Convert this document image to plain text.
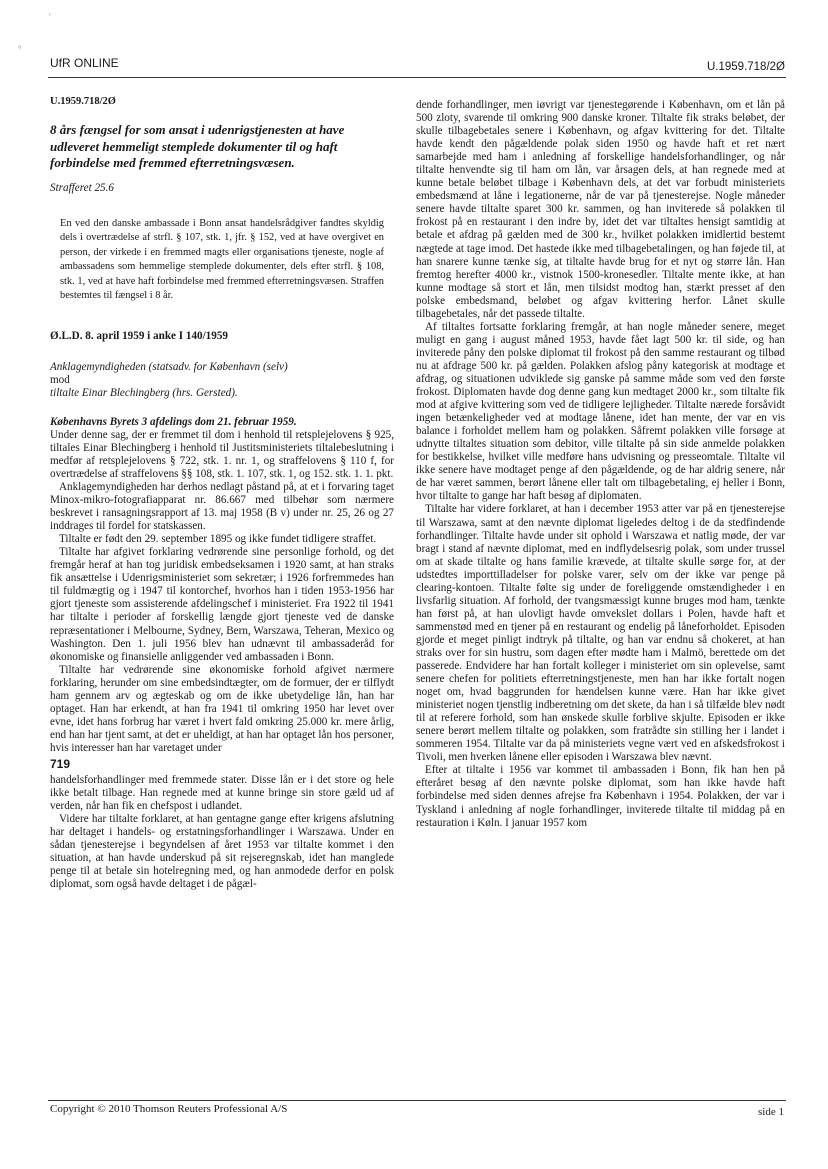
'
°
UfR ONLINE	U.1959.718/2Ø
U.1959.718/2Ø
8 års fængsel for som ansat i udenrigstjenesten at have udleveret hemmeligt stemplede dokumenter til og haft forbindelse med fremmed efterretningsvæsen.
Strafferet 25.6
En ved den danske ambassade i Bonn ansat handelsrådgiver fandtes skyldig dels i overtrædelse af strfl. § 107, stk. 1, jfr. § 152, ved at have overgivet en person, der virkede i en fremmed magts eller organisations tjeneste, nogle af ambassadens som hemmelige stemplede dokumenter, dels efter strfl. § 108, stk. 1, ved at have haft forbindelse med fremmed efterretningsvæsen. Straffen bestemtes til fængsel i 8 år.
Ø.L.D. 8. april 1959 i anke I 140/1959

Anklagemyndigheden (statsadv. for København (selv)

mod

tiltalte Einar Blechingberg (hrs. Gersted).

Københavns Byrets 3 afdelings dom 21. februar 1959.

Under denne sag, der er fremmet til dom i henhold til retsplejelovens § 925, tiltales Einar Blechingberg i henhold til Justitsministeriets tiltalebeslutning i medfør af retsplejelovens § 722, stk. 1. nr. 1, og straffelovens § 110 f, for overtrædelse af straffelovens §§ 108, stk. 1. 107, stk. 1, og 152. stk. 1. 1. pkt.

Anklagemyndigheden har derhos nedlagt påstand på, at et i forvaring taget Minox-mikro-fotografiapparat nr. 86.667 med tilbehør som nærmere beskrevet i ransagningsrapport af 13. maj 1958 (B v) under nr. 25, 26 og 27 inddrages til fordel for statskassen.

Tiltalte er født den 29. september 1895 og ikke fundet tidligere straffet.

Tiltalte har afgivet forklaring vedrørende sine personlige forhold, og det fremgår heraf at han tog juridisk embedseksamen i 1920 samt, at han straks fik ansættelse i Udenrigsministeriet som sekretær; i 1926 forfremmedes han til fuldmægtig og i 1947 til kontorchef, hvorhos han i tiden 1953-1956 har gjort tjeneste som assisterende afdelingschef i ministeriet. Fra 1922 til 1941 har tiltalte i perioder af forskellig længde gjort tjeneste ved de danske repræsentationer i Melbourne, Sydney, Bern, Warszawa, Teheran, Mexico og Washington. Den 1. juli 1956 blev han udnævnt til ambassaderåd for økonomiske og finansielle anliggender ved ambassaden i Bonn.

Tiltalte har vedrørende sine økonomiske forhold afgivet nærmere forklaring, herunder om sine embedsindtægter, om de formuer, der er tilflydt ham gennem arv og ægteskab og om de ikke ubetydelige lån, han har optaget. Han har erkendt, at han fra 1941 til omkring 1950 har levet over evne, idet hans forbrug har været i hvert fald omkring 25.000 kr. mere årlig, end han har tjent samt, at det er uheldigt, at han har optaget lån hos personer, hvis interesser han har varetaget under

719

handelsforhandlinger med fremmede stater. Disse lån er i det store og hele ikke betalt tilbage. Han regnede med at kunne bringe sin store gæld ud af verden, når han fik en chefspost i udlandet.

Videre har tiltalte forklaret, at han gentagne gange efter krigens afslutning har deltaget i handels- og erstatningsforhandlinger i Warszawa. Under en sådan tjenesterejse i begyndelsen af året 1953 var tiltalte kommet i den situation, at han havde underskud på sit rejseregnskab, idet han manglede penge til at betale sin hotelregning med, og han anmodede derfor en polsk diplomat, som også havde deltaget i de pågæl-

dende forhandlinger, men iøvrigt var tjenestegørende i København, om et lån på 500 zloty, svarende til omkring 900 danske kroner. Tiltalte fik straks beløbet, der skulle tilbagebetales senere i København, og afgav kvittering for det. Tiltalte havde kendt den pågældende polak siden 1950 og havde haft et ret nært samarbejde med ham i anledning af forskellige handelsforhandlinger, og når tiltalte henvendte sig til ham om lån, var årsagen dels, at han regnede med at kunne betale beløbet tilbage i København dels, at det var forbudt ministeriets embedsmænd at låne i legationerne, når de var på tjenesterejse. Nogle måneder senere havde tiltalte sparet 300 kr. sammen, og han inviterede så polakken til frokost på en restaurant i den indre by, idet det var tiltaltes hensigt samtidig at betale et afdrag på gælden med de 300 kr., hvilket polakken imidlertid bestemt nægtede at tage imod. Det hastede ikke med tilbagebetalingen, og han føjede til, at han snarere kunne tænke sig, at tiltalte havde brug for et nyt og større lån. Han fremtog herefter 4000 kr., vistnok 1500-kronesedler. Tiltalte mente ikke, at han kunne modtage så stort et lån, men tilsidst modtog han, stærkt presset af den polske embedsmand, beløbet og afgav kvittering herfor. Lånet skulle tilbagebetales, når det passede tiltalte.

Af tiltaltes fortsatte forklaring fremgår, at han nogle måneder senere, meget muligt en gang i august måned 1953, havde fået lagt 500 kr. til side, og han inviterede påny den polske diplomat til frokost på den samme restaurant og tilbød nu at afdrage 500 kr. på gælden. Polakken afslog påny kategorisk at modtage et afdrag, og situationen udviklede sig ganske på samme måde som ved den første frokost. Diplomaten havde dog denne gang kun medtaget 2000 kr., som tiltalte fik mod at afgive kvittering som ved de tidligere lejligheder. Tiltalte nærede forsåvidt ingen betænkeligheder ved at modtage lånene, idet han mente, der var en vis balance i forholdet mellem ham og polakken. Såfremt polakken ville forsøge at udnytte tiltaltes situation som debitor, ville tiltalte på sin side anmelde polakken for bestikkelse, hvilket ville medføre hans udvisning og presseomtale. Tiltalte vil ikke senere have modtaget penge af den pågældende, og de har aldrig senere, når de har været sammen, berørt lånene eller talt om tilbagebetaling, ej heller i Bonn, hvor tiltalte to gange har haft besøg af diplomaten.

Tiltalte har videre forklaret, at han i december 1953 atter var på en tjenesterejse til Warszawa, samt at den nævnte diplomat ligeledes deltog i de da stedfindende forhandlinger. Tiltalte havde under sit ophold i Warszawa et natlig møde, der var bragt i stand af nævnte diplomat, med en indflydelsesrig polak, som under trussel om at skade tiltalte og hans familie krævede, at tiltalte skulle sørge for, at der udstedtes importtilladelser for polske varer, selv om der ikke var penge på clearing-kontoen. Tiltalte følte sig under de foreliggende omstændigheder i en livsfarlig situation. Af forhold, der tvangsmæssigt kunne bruges mod ham, tænkte han først på, at han ulovligt havde omvekslet dollars i Polen, havde haft et sammenstød med en tjener på en restaurant og endelig på låneforholdet. Episoden gjorde et meget pinligt indtryk på tiltalte, og han var endnu så chokeret, at han straks over for sin hustru, som dagen efter mødte ham i Malmö, berettede om det passerede. Endvidere har han fortalt kolleger i ministeriet om sin oplevelse, samt senere chefen for politiets efterretningstjeneste, men han har ikke fortalt nogen noget om, hvad baggrunden for hændelsen kunne være. Han har ikke givet ministeriet nogen tjenstlig indberetning om det skete, da han i så tilfælde blev nødt til at referere forhold, som han ønskede skulle forblive skjulte. Episoden er ikke senere berørt mellem tiltalte og polakken, som fratrådte sin stilling her i landet i sommeren 1954. Tiltalte var da på ministeriets vegne vært ved en afskedsfrokost i Tivoli, men hverken lånene eller episoden i Warszawa blev nævnt.

Efter at tiltalte i 1956 var kommet til ambassaden i Bonn, fik han hen på efteråret besøg af den nævnte polske diplomat, som han ikke havde haft forbindelse med siden dennes afrejse fra København i 1954. Polakken, der var i Tyskland i anledning af nogle forhandlinger, inviterede tiltalte til middag på en restauration i Køln. I januar 1957 kom

Copyright © 2010 Thomson Reuters Professional A/S	side 1
